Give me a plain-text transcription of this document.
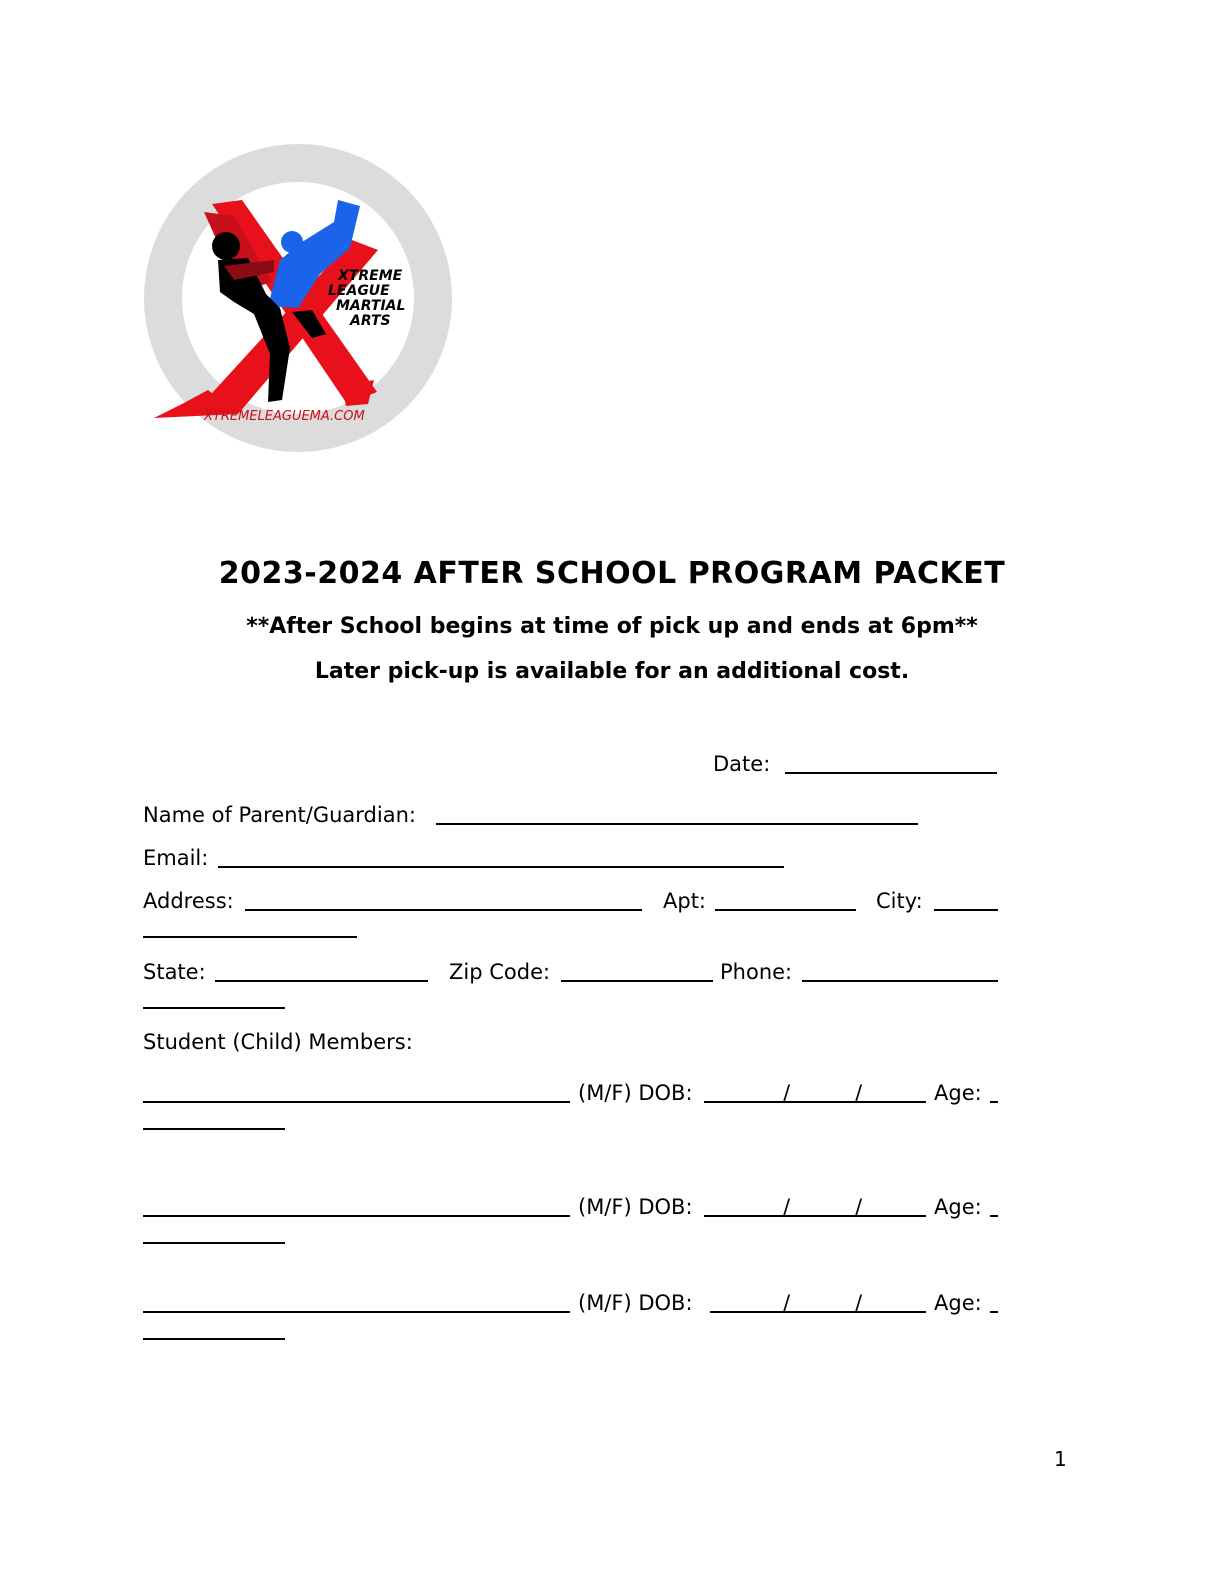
XTREME
LEAGUE
MARTIAL
ARTS
XTREMELEAGUEMA.COM
2023-2024 AFTER SCHOOL PROGRAM PACKET
**After School begins at time of pick up and ends at 6pm**
Later pick-up is available for an additional cost.
Date:
Name of Parent/Guardian:
Email:
Address:	Apt:	City:
State:	Zip Code:	Phone:
Student (Child) Members:
(M/F) DOB:	/	/	Age:
(M/F) DOB:	/	/	Age:
(M/F) DOB:	/	/	Age:
1
